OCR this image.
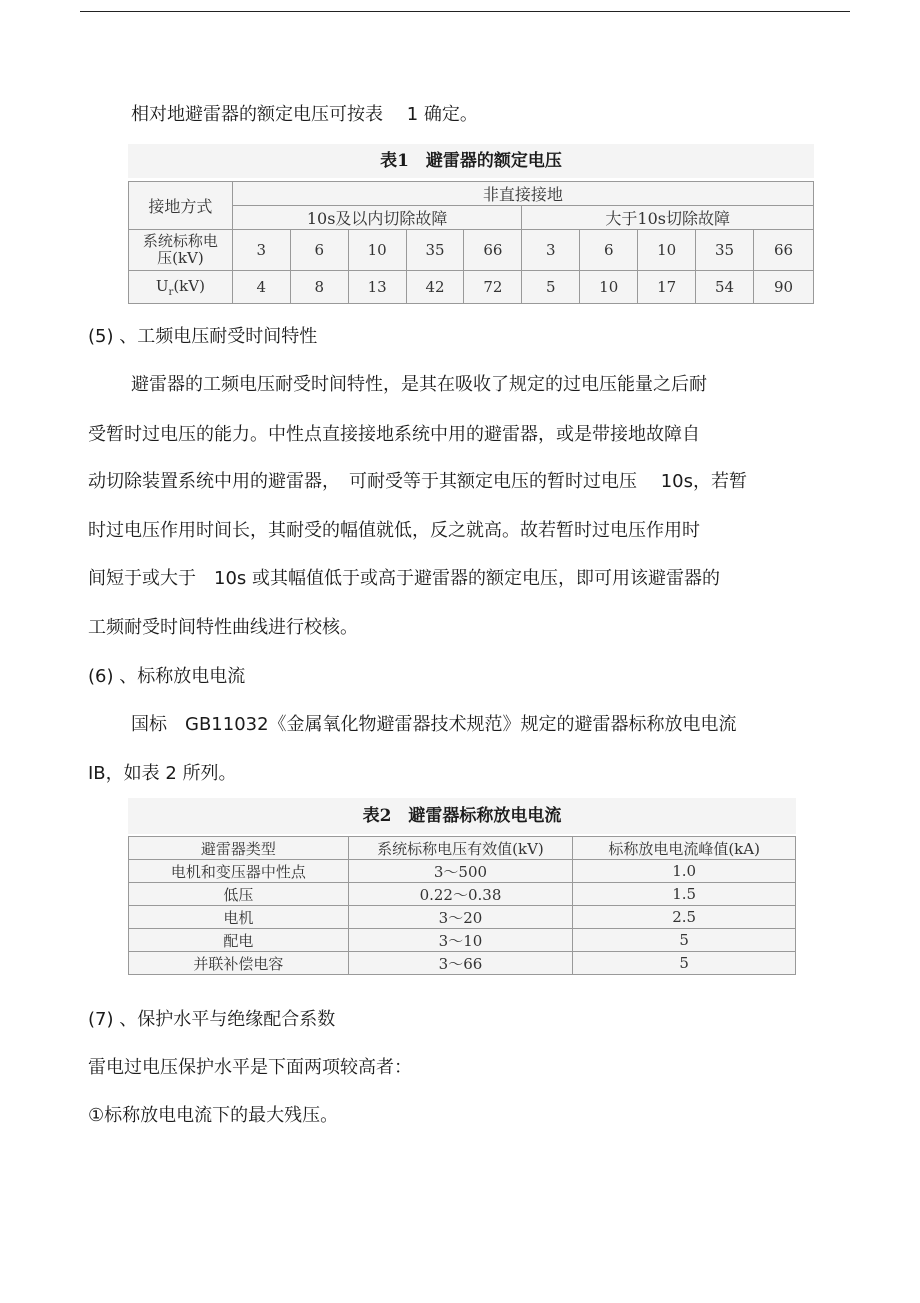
相对地避雷器的额定电压可按表　 1 确定。
表1　避雷器的额定电压
接地方式	非直接接地									
	10s及以内切除故障					大于10s切除故障				
系统标称电
压(kV)	3	6	10	35	66	3	6	10	35	66
$U_r(kV)$	4	8	13	42	72	5	10	17	54	90
(5) 、工频电压耐受时间特性
避雷器的工频电压耐受时间特性，是其在吸收了规定的过电压能量之后耐
受暂时过电压的能力。中性点直接接地系统中用的避雷器，或是带接地故障自
动切除装置系统中用的避雷器，　可耐受等于其额定电压的暂时过电压　 10s，若暂
时过电压作用时间长，其耐受的幅值就低，反之就高。故若暂时过电压作用时
间短于或大于　10s 或其幅值低于或高于避雷器的额定电压，即可用该避雷器的
工频耐受时间特性曲线进行校核。
(6) 、标称放电电流
国标　GB11032《金属氧化物避雷器技术规范》规定的避雷器标称放电电流
IB，如表 2 所列。
表2　避雷器标称放电电流
避雷器类型	系统标称电压有效值(kV)	标称放电电流峰值(kA)
电机和变压器中性点	3～500	1.0
低压	0.22～0.38	1.5
电机	3～20	2.5
配电	3～10	5
并联补偿电容	3～66	5
(7) 、保护水平与绝缘配合系数
雷电过电压保护水平是下面两项较高者：
①标称放电电流下的最大残压。
